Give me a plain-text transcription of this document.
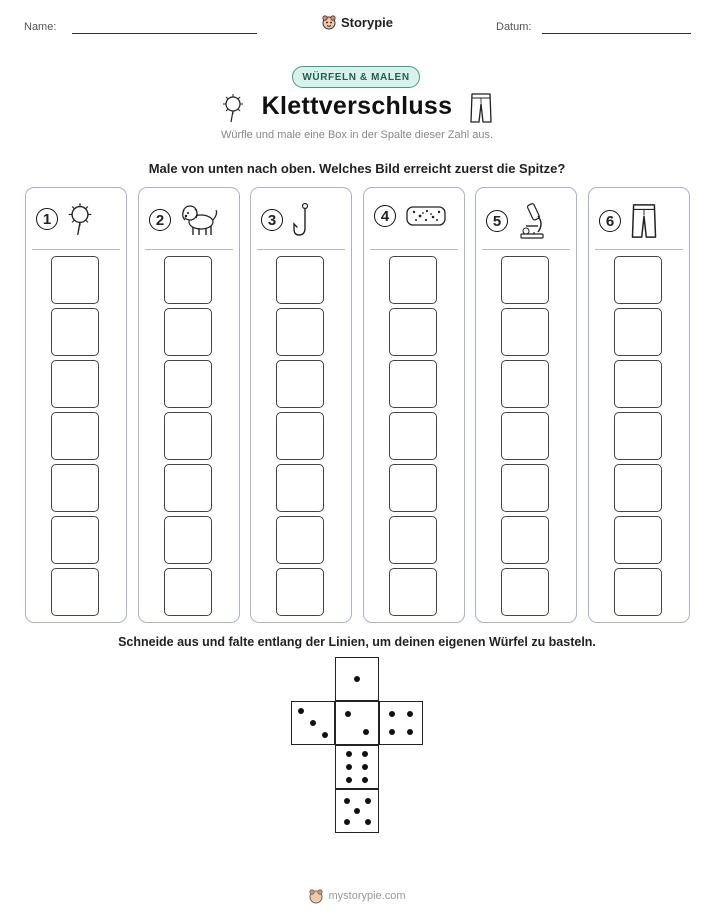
Name:	Storypie	Datum:
WÜRFELN & MALEN
Klettverschluss
Würfle und male eine Box in der Spalte dieser Zahl aus.
Male von unten nach oben. Welches Bild erreicht zuerst die Spitze?
1	2	3	4	5	6
Schneide aus und falte entlang der Linien, um deinen eigenen Würfel zu basteln.
mystorypie.com
